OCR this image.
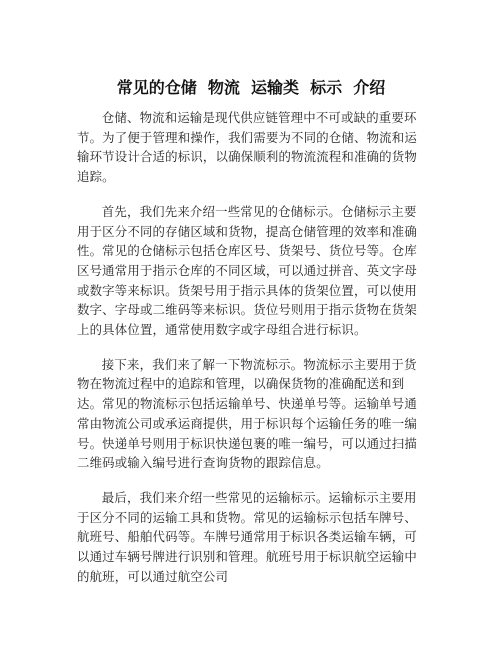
常见的仓储  物流  运输类  标示  介绍

仓储、物流和运输是现代供应链管理中不可或缺的重要环节。为了便于管理和操作，我们需要为不同的仓储、物流和运输环节设计合适的标识，以确保顺利的物流流程和准确的货物追踪。

首先，我们先来介绍一些常见的仓储标示。仓储标示主要用于区分不同的存储区域和货物，提高仓储管理的效率和准确性。常见的仓储标示包括仓库区号、货架号、货位号等。仓库区号通常用于指示仓库的不同区域，可以通过拼音、英文字母或数字等来标识。货架号用于指示具体的货架位置，可以使用数字、字母或二维码等来标识。货位号则用于指示货物在货架上的具体位置，通常使用数字或字母组合进行标识。

接下来，我们来了解一下物流标示。物流标示主要用于货物在物流过程中的追踪和管理，以确保货物的准确配送和到达。常见的物流标示包括运输单号、快递单号等。运输单号通常由物流公司或承运商提供，用于标识每个运输任务的唯一编号。快递单号则用于标识快递包裹的唯一编号，可以通过扫描二维码或输入编号进行查询货物的跟踪信息。

最后，我们来介绍一些常见的运输标示。运输标示主要用于区分不同的运输工具和货物。常见的运输标示包括车牌号、航班号、船舶代码等。车牌号通常用于标识各类运输车辆，可以通过车辆号牌进行识别和管理。航班号用于标识航空运输中的航班，可以通过航空公司
